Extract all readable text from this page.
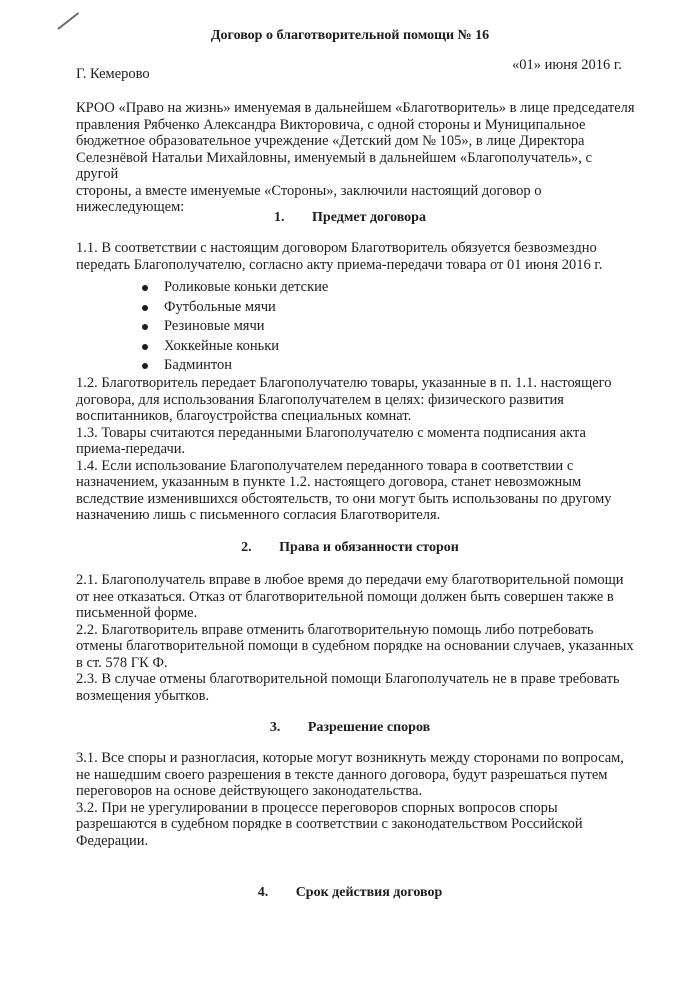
Договор о благотворительной помощи № 16
Г. Кемерово
«01» июня 2016 г.

КРОО «Право на жизнь» именуемая в дальнейшем «Благотворитель» в лице председателя

правления Рябченко Александра Викторовича, с одной стороны и Муниципальное

бюджетное образовательное учреждение «Детский дом № 105», в лице Директора

Селезнёвой Натальи Михайловны, именуемый в дальнейшем «Благополучатель», с другой

стороны, а вместе именуемые «Стороны», заключили настоящий договор о

нижеследующем:

1. Предмет договора

1.1. В соответствии с настоящим договором Благотворитель обязуется безвозмездно

передать Благополучателю, согласно акту приема-передачи товара от 01 июня 2016 г.

Роликовые коньки детские
Футбольные мячи
Резиновые мячи
Хоккейные коньки
Бадминтон

1.2. Благотворитель передает Благополучателю товары, указанные в п. 1.1. настоящего

договора, для использования Благополучателем в целях: физического развития

воспитанников, благоустройства специальных комнат.

1.3. Товары считаются переданными Благополучателю с момента подписания акта

приема-передачи.

1.4. Если использование Благополучателем переданного товара в соответствии с

назначением, указанным в пункте 1.2. настоящего договора, станет невозможным

вследствие изменившихся обстоятельств, то они могут быть использованы по другому

назначению лишь с письменного согласия Благотворителя.

2. Права и обязанности сторон

2.1. Благополучатель вправе в любое время до передачи ему благотворительной помощи

от нее отказаться. Отказ от благотворительной помощи должен быть совершен также в

письменной форме.

2.2. Благотворитель вправе отменить благотворительную помощь либо потребовать

отмены благотворительной помощи в судебном порядке на основании случаев, указанных

в ст. 578 ГК Ф.

2.3. В случае отмены благотворительной помощи Благополучатель не в праве требовать

возмещения убытков.

3. Разрешение споров

3.1. Все споры и разногласия, которые могут возникнуть между сторонами по вопросам,

не нашедшим своего разрешения в тексте данного договора, будут разрешаться путем

переговоров на основе действующего законодательства.

3.2. При не урегулировании в процессе переговоров спорных вопросов споры

разрешаются в судебном порядке в соответствии с законодательством Российской

Федерации.

4. Срок действия договор
